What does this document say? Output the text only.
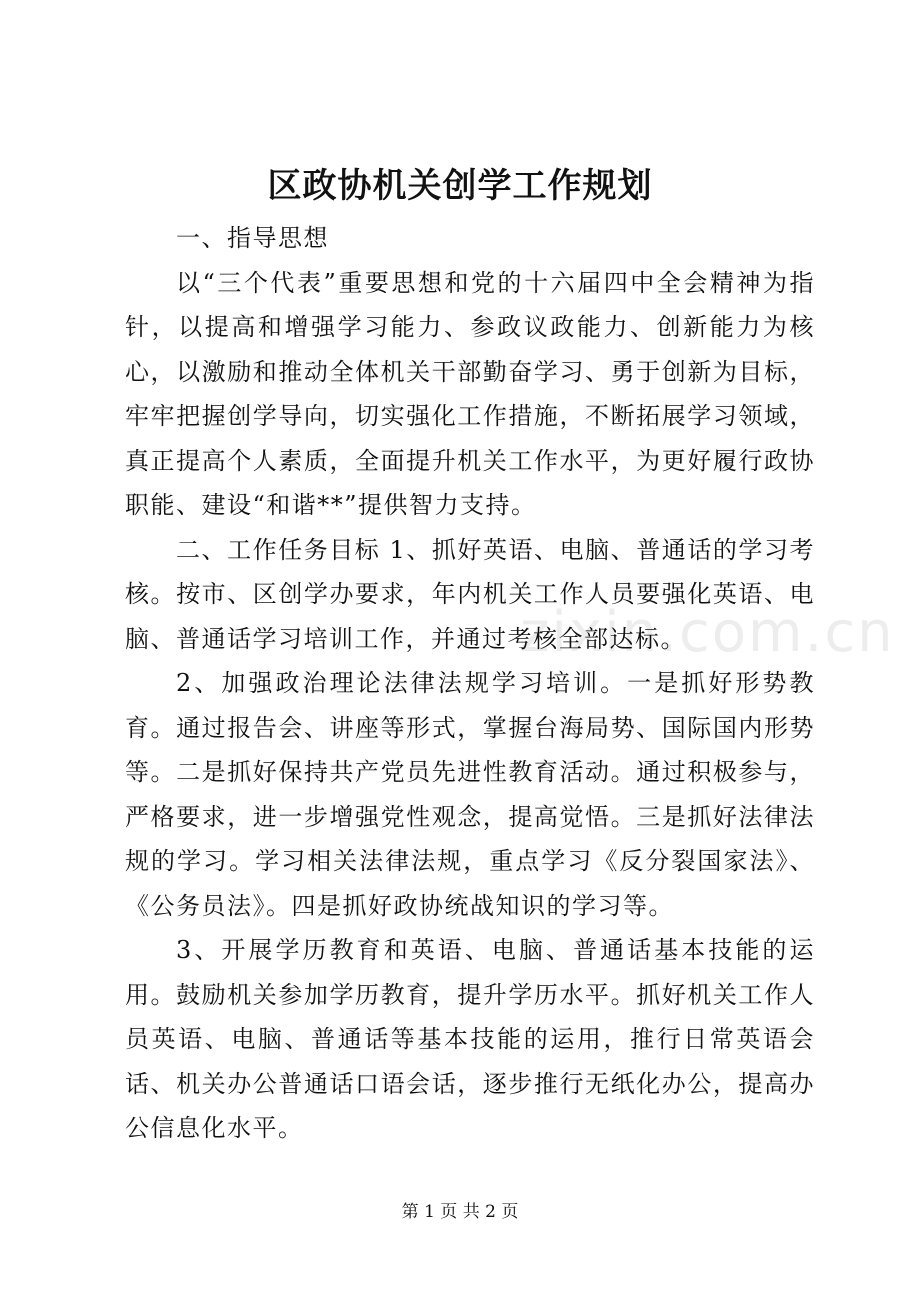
区政协机关创学工作规划

一、指导思想

以“三个代表”重要思想和党的十六届四中全会精神为指针，以提高和增强学习能力、参政议政能力、创新能力为核心，以激励和推动全体机关干部勤奋学习、勇于创新为目标，牢牢把握创学导向，切实强化工作措施，不断拓展学习领域，真正提高个人素质，全面提升机关工作水平，为更好履行政协职能、建设“和谐**”提供智力支持。

二、工作任务目标 1、抓好英语、电脑、普通话的学习考核。按市、区创学办要求，年内机关工作人员要强化英语、电脑、普通话学习培训工作，并通过考核全部达标。

2、加强政治理论法律法规学习培训。一是抓好形势教育。通过报告会、讲座等形式，掌握台海局势、国际国内形势等。二是抓好保持共产党员先进性教育活动。通过积极参与，严格要求，进一步增强党性观念，提高觉悟。三是抓好法律法规的学习。学习相关法律法规，重点学习《反分裂国家法》、《公务员法》。四是抓好政协统战知识的学习等。

3、开展学历教育和英语、电脑、普通话基本技能的运用。鼓励机关参加学历教育，提升学历水平。抓好机关工作人员英语、电脑、普通话等基本技能的运用，推行日常英语会话、机关办公普通话口语会话，逐步推行无纸化办公，提高办公信息化水平。

zixin.com.cn
第 1 页 共 2 页
